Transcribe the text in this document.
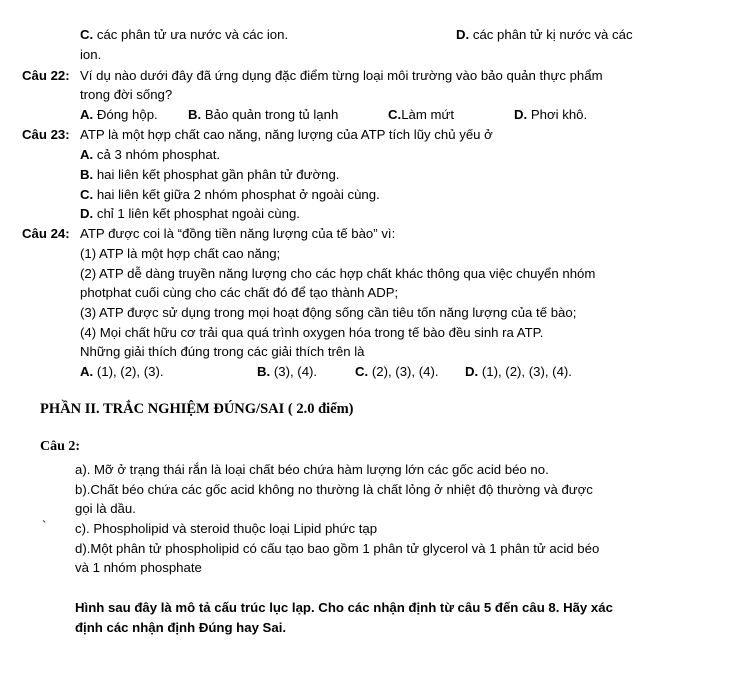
C. các phân tử ưa nước và các ion.	D. các phân tử kị nước và các
ion.
Câu 22: Ví dụ nào dưới đây đã ứng dụng đặc điểm từng loại môi trường vào bảo quản thực phẩm
trong đời sống?
A. Đóng hộp. B. Bảo quản trong tủ lạnh	C.Làm mứt	D. Phơi khô.
Câu 23: ATP là một hợp chất cao năng, năng lượng của ATP tích lũy chủ yếu ở
A. cả 3 nhóm phosphat.
B. hai liên kết phosphat gần phân tử đường.
C. hai liên kết giữa 2 nhóm phosphat ở ngoài cùng.
D. chỉ 1 liên kết phosphat ngoài cùng.
Câu 24: ATP được coi là “đồng tiền năng lượng của tế bào” vì:
(1) ATP là một hợp chất cao năng;
(2) ATP dễ dàng truyền năng lượng cho các hợp chất khác thông qua việc chuyển nhóm
photphat cuối cùng cho các chất đó để tạo thành ADP;
(3) ATP được sử dụng trong mọi hoạt động sống cần tiêu tốn năng lượng của tế bào;
(4) Mọi chất hữu cơ trải qua quá trình oxygen hóa trong tế bào đều sinh ra ATP.
Những giải thích đúng trong các giải thích trên là
A. (1), (2), (3).	B. (3), (4).	C. (2), (3), (4). D. (1), (2), (3), (4).
PHẦN II. TRẮC NGHIỆM ĐÚNG/SAI ( 2.0 điểm)
Câu 2:
a). Mỡ ở trạng thái rắn là loại chất béo chứa hàm lượng lớn các gốc acid béo no.
b).Chất béo chứa các gốc acid không no thường là chất lỏng ở nhiệt độ thường và được
gọi là dầu.
` c). Phospholipid và steroid thuộc loại Lipid phức tạp
d).Một phân tử phospholipid có cấu tạo bao gồm 1 phân tử glycerol và 1 phân tử acid béo
và 1 nhóm phosphate
Hình sau đây là mô tả cấu trúc lục lạp. Cho các nhận định từ câu 5 đến câu 8. Hãy xác
định các nhận định Đúng hay Sai.
